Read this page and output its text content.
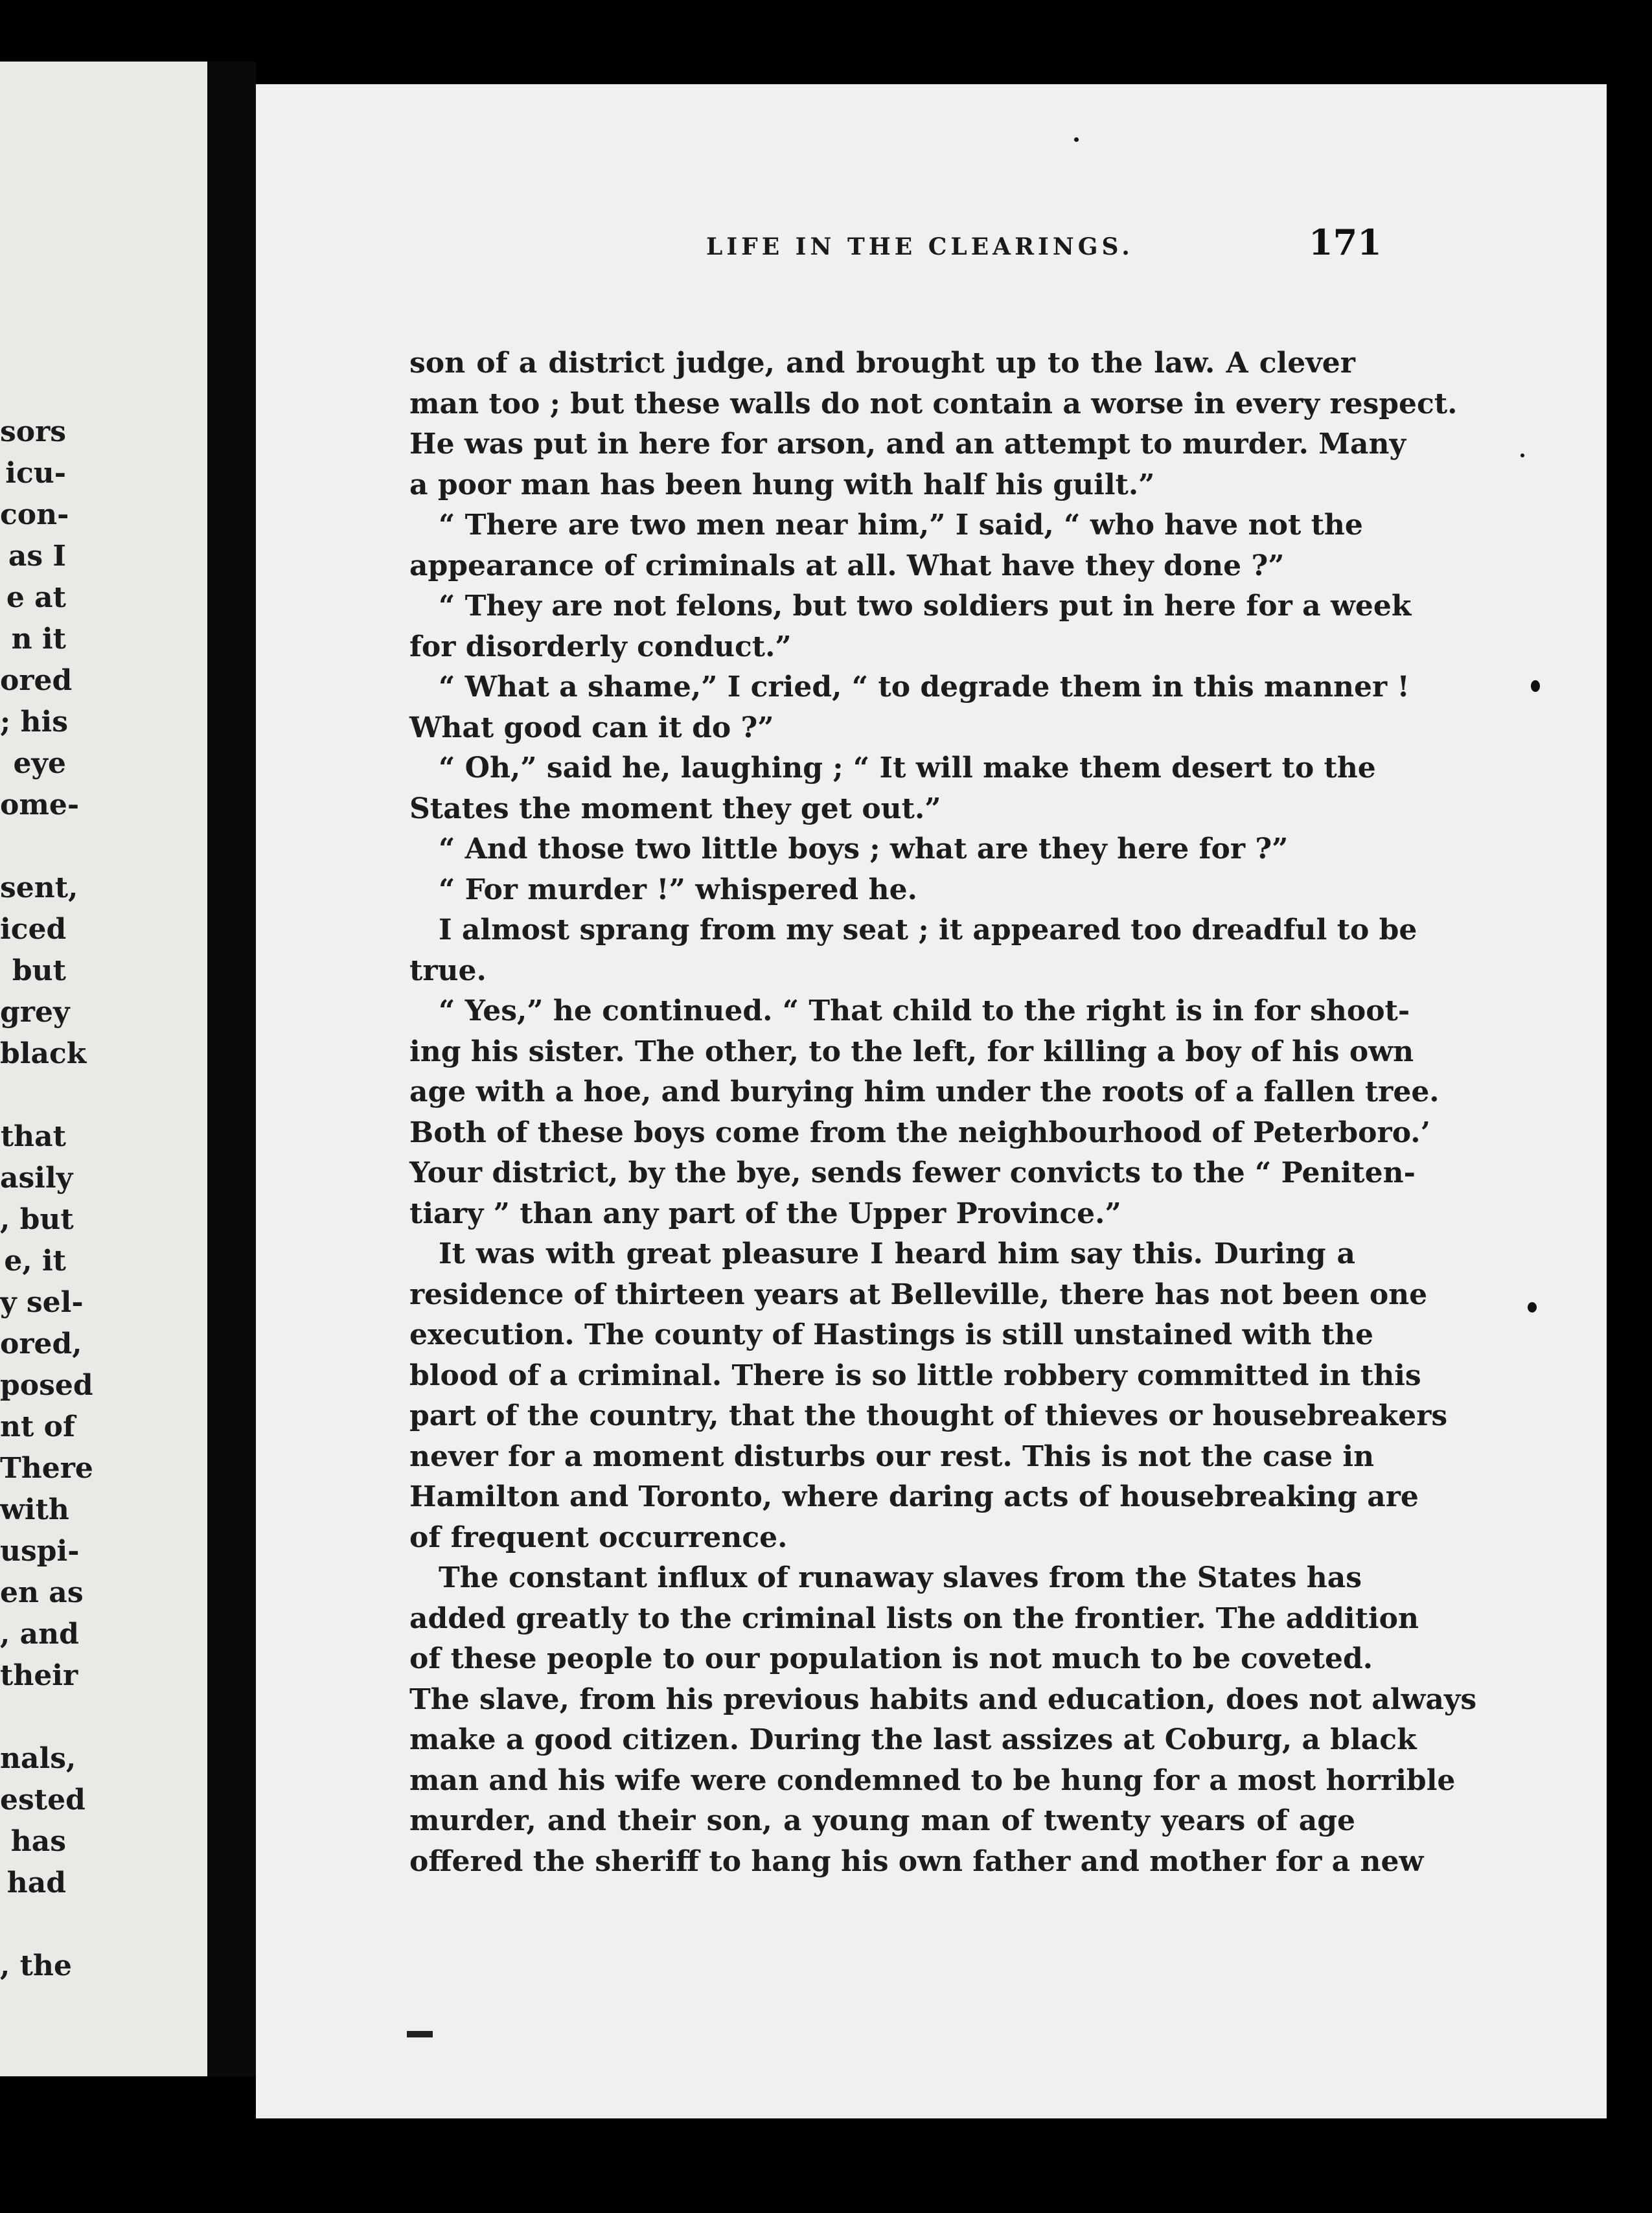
sors
icu-
con-
as I
e at
n it
ored
; his
eye
ome-

sent,
iced
but
grey
black

that
asily
, but
e, it
y sel-
ored,
posed
nt of
There
with
uspi-
en as
, and
their

nals,
ested
has
had

, the
LIFE IN THE CLEARINGS.	171
son of a district judge, and brought up to the law. A clever
man too ; but these walls do not contain a worse in every respect.
He was put in here for arson, and an attempt to murder. Many
a poor man has been hung with half his guilt.”
“ There are two men near him,” I said, “ who have not the
appearance of criminals at all. What have they done ?”
“ They are not felons, but two soldiers put in here for a week
for disorderly conduct.”
“ What a shame,” I cried, “ to degrade them in this manner !
What good can it do ?”
“ Oh,” said he, laughing ; “ It will make them desert to the
States the moment they get out.”
“ And those two little boys ; what are they here for ?”
“ For murder !” whispered he.
I almost sprang from my seat ; it appeared too dreadful to be
true.
“ Yes,” he continued. “ That child to the right is in for shoot-
ing his sister. The other, to the left, for killing a boy of his own
age with a hoe, and burying him under the roots of a fallen tree.
Both of these boys come from the neighbourhood of Peterboro.’
Your district, by the bye, sends fewer convicts to the “ Peniten-
tiary ” than any part of the Upper Province.”
It was with great pleasure I heard him say this. During a
residence of thirteen years at Belleville, there has not been one
execution. The county of Hastings is still unstained with the
blood of a criminal. There is so little robbery committed in this
part of the country, that the thought of thieves or housebreakers
never for a moment disturbs our rest. This is not the case in
Hamilton and Toronto, where daring acts of housebreaking are
of frequent occurrence.
The constant influx of runaway slaves from the States has
added greatly to the criminal lists on the frontier. The addition
of these people to our population is not much to be coveted.
The slave, from his previous habits and education, does not always
make a good citizen. During the last assizes at Coburg, a black
man and his wife were condemned to be hung for a most horrible
murder, and their son, a young man of twenty years of age
offered the sheriff to hang his own father and mother for a new
